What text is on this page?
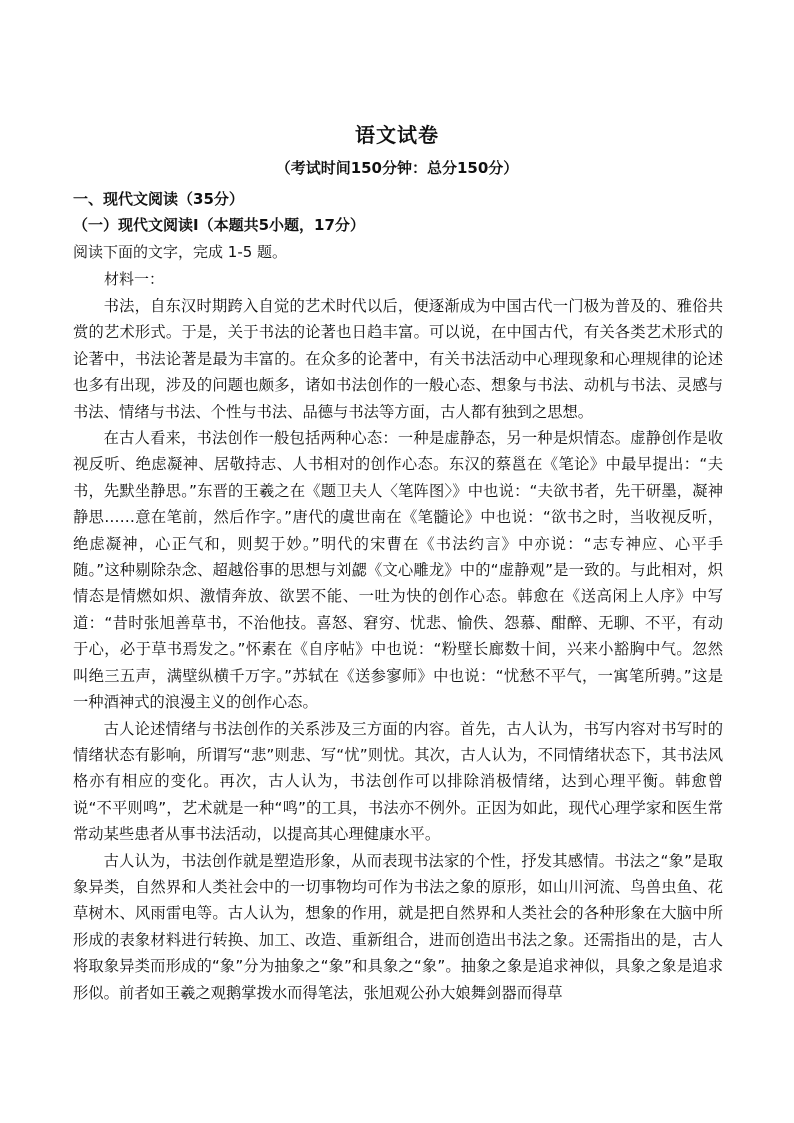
语文试卷
（考试时间150分钟：总分150分）
一、现代文阅读（35分）
（一）现代文阅读Ⅰ（本题共5小题，17分）
阅读下面的文字，完成 1-5 题。
材料一：

书法，自东汉时期跨入自觉的艺术时代以后，便逐渐成为中国古代一门极为普及的、雅俗共赏的艺术形式。于是，关于书法的论著也日趋丰富。可以说，在中国古代，有关各类艺术形式的论著中，书法论著是最为丰富的。在众多的论著中，有关书法活动中心理现象和心理规律的论述也多有出现，涉及的问题也颇多，诸如书法创作的一般心态、想象与书法、动机与书法、灵感与书法、情绪与书法、个性与书法、品德与书法等方面，古人都有独到之思想。

在古人看来，书法创作一般包括两种心态：一种是虚静态，另一种是炽情态。虚静创作是收视反听、绝虑凝神、居敬持志、人书相对的创作心态。东汉的蔡邕在《笔论》中最早提出：“夫书，先默坐静思。”东晋的王羲之在《题卫夫人〈笔阵图〉》中也说：“夫欲书者，先干研墨，凝神静思……意在笔前，然后作字。”唐代的虞世南在《笔髓论》中也说：“欲书之时，当收视反听，绝虑凝神，心正气和，则契于妙。”明代的宋曹在《书法约言》中亦说：“志专神应、心平手随。”这种剔除杂念、超越俗事的思想与刘勰《文心雕龙》中的“虚静观”是一致的。与此相对，炽情态是情燃如炽、激情奔放、欲罢不能、一吐为快的创作心态。韩愈在《送高闲上人序》中写道：“昔时张旭善草书，不治他技。喜怒、窘穷、忧悲、愉佚、怨慕、酣醉、无聊、不平，有动于心，必于草书焉发之。”怀素在《自序帖》中也说：“粉壁长廊数十间，兴来小豁胸中气。忽然叫绝三五声，满壁纵横千万字。”苏轼在《送参寥师》中也说：“忧愁不平气，一寓笔所骋。”这是一种酒神式的浪漫主义的创作心态。

古人论述情绪与书法创作的关系涉及三方面的内容。首先，古人认为，书写内容对书写时的情绪状态有影响，所谓写“悲”则悲、写“忧”则忧。其次，古人认为，不同情绪状态下，其书法风格亦有相应的变化。再次，古人认为，书法创作可以排除消极情绪，达到心理平衡。韩愈曾说“不平则鸣”，艺术就是一种“鸣”的工具，书法亦不例外。正因为如此，现代心理学家和医生常常动某些患者从事书法活动，以提高其心理健康水平。

古人认为，书法创作就是塑造形象，从而表现书法家的个性，抒发其感情。书法之“象”是取象异类，自然界和人类社会中的一切事物均可作为书法之象的原形，如山川河流、鸟兽虫鱼、花草树木、风雨雷电等。古人认为，想象的作用，就是把自然界和人类社会的各种形象在大脑中所形成的表象材料进行转换、加工、改造、重新组合，进而创造出书法之象。还需指出的是，古人将取象异类而形成的“象”分为抽象之“象”和具象之“象”。抽象之象是追求神似，具象之象是追求形似。前者如王羲之观鹅掌拨水而得笔法，张旭观公孙大娘舞剑器而得草
